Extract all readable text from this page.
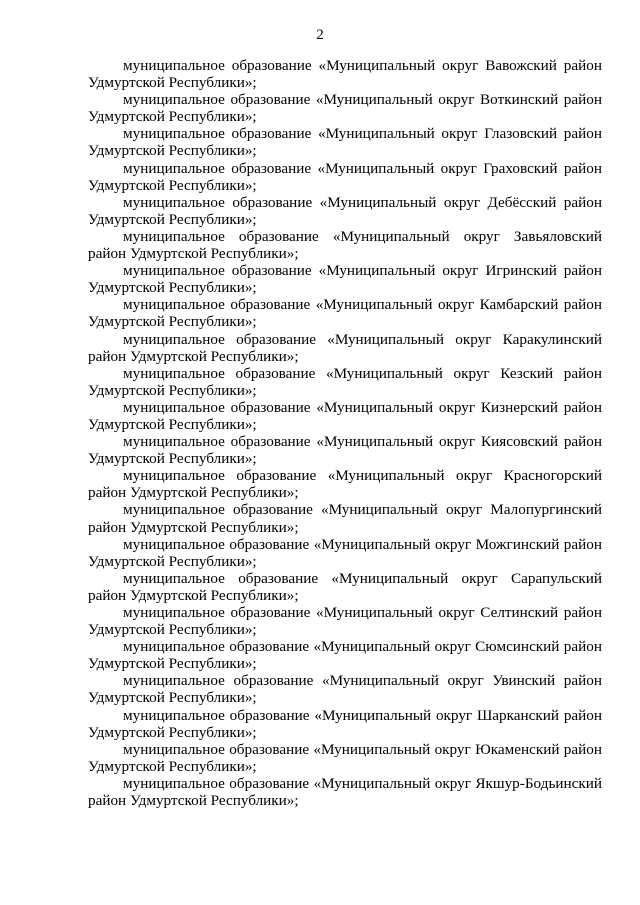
2

муниципальное образование «Муниципальный округ Вавожский район Удмуртской Республики»;

муниципальное образование «Муниципальный округ Воткинский район Удмуртской Республики»;

муниципальное образование «Муниципальный округ Глазовский район Удмуртской Республики»;

муниципальное образование «Муниципальный округ Граховский район Удмуртской Республики»;

муниципальное образование «Муниципальный округ Дебёсский район Удмуртской Республики»;

муниципальное образование «Муниципальный округ Завьяловский район Удмуртской Республики»;

муниципальное образование «Муниципальный округ Игринский район Удмуртской Республики»;

муниципальное образование «Муниципальный округ Камбарский район Удмуртской Республики»;

муниципальное образование «Муниципальный округ Каракулинский район Удмуртской Республики»;

муниципальное образование «Муниципальный округ Кезский район Удмуртской Республики»;

муниципальное образование «Муниципальный округ Кизнерский район Удмуртской Республики»;

муниципальное образование «Муниципальный округ Киясовский район Удмуртской Республики»;

муниципальное образование «Муниципальный округ Красногорский район Удмуртской Республики»;

муниципальное образование «Муниципальный округ Малопургинский район Удмуртской Республики»;

муниципальное образование «Муниципальный округ Можгинский район Удмуртской Республики»;

муниципальное образование «Муниципальный округ Сарапульский район Удмуртской Республики»;

муниципальное образование «Муниципальный округ Селтинский район Удмуртской Республики»;

муниципальное образование «Муниципальный округ Сюмсинский район Удмуртской Республики»;

муниципальное образование «Муниципальный округ Увинский район Удмуртской Республики»;

муниципальное образование «Муниципальный округ Шарканский район Удмуртской Республики»;

муниципальное образование «Муниципальный округ Юкаменский район Удмуртской Республики»;

муниципальное образование «Муниципальный округ Якшур-Бодьинский район Удмуртской Республики»;
